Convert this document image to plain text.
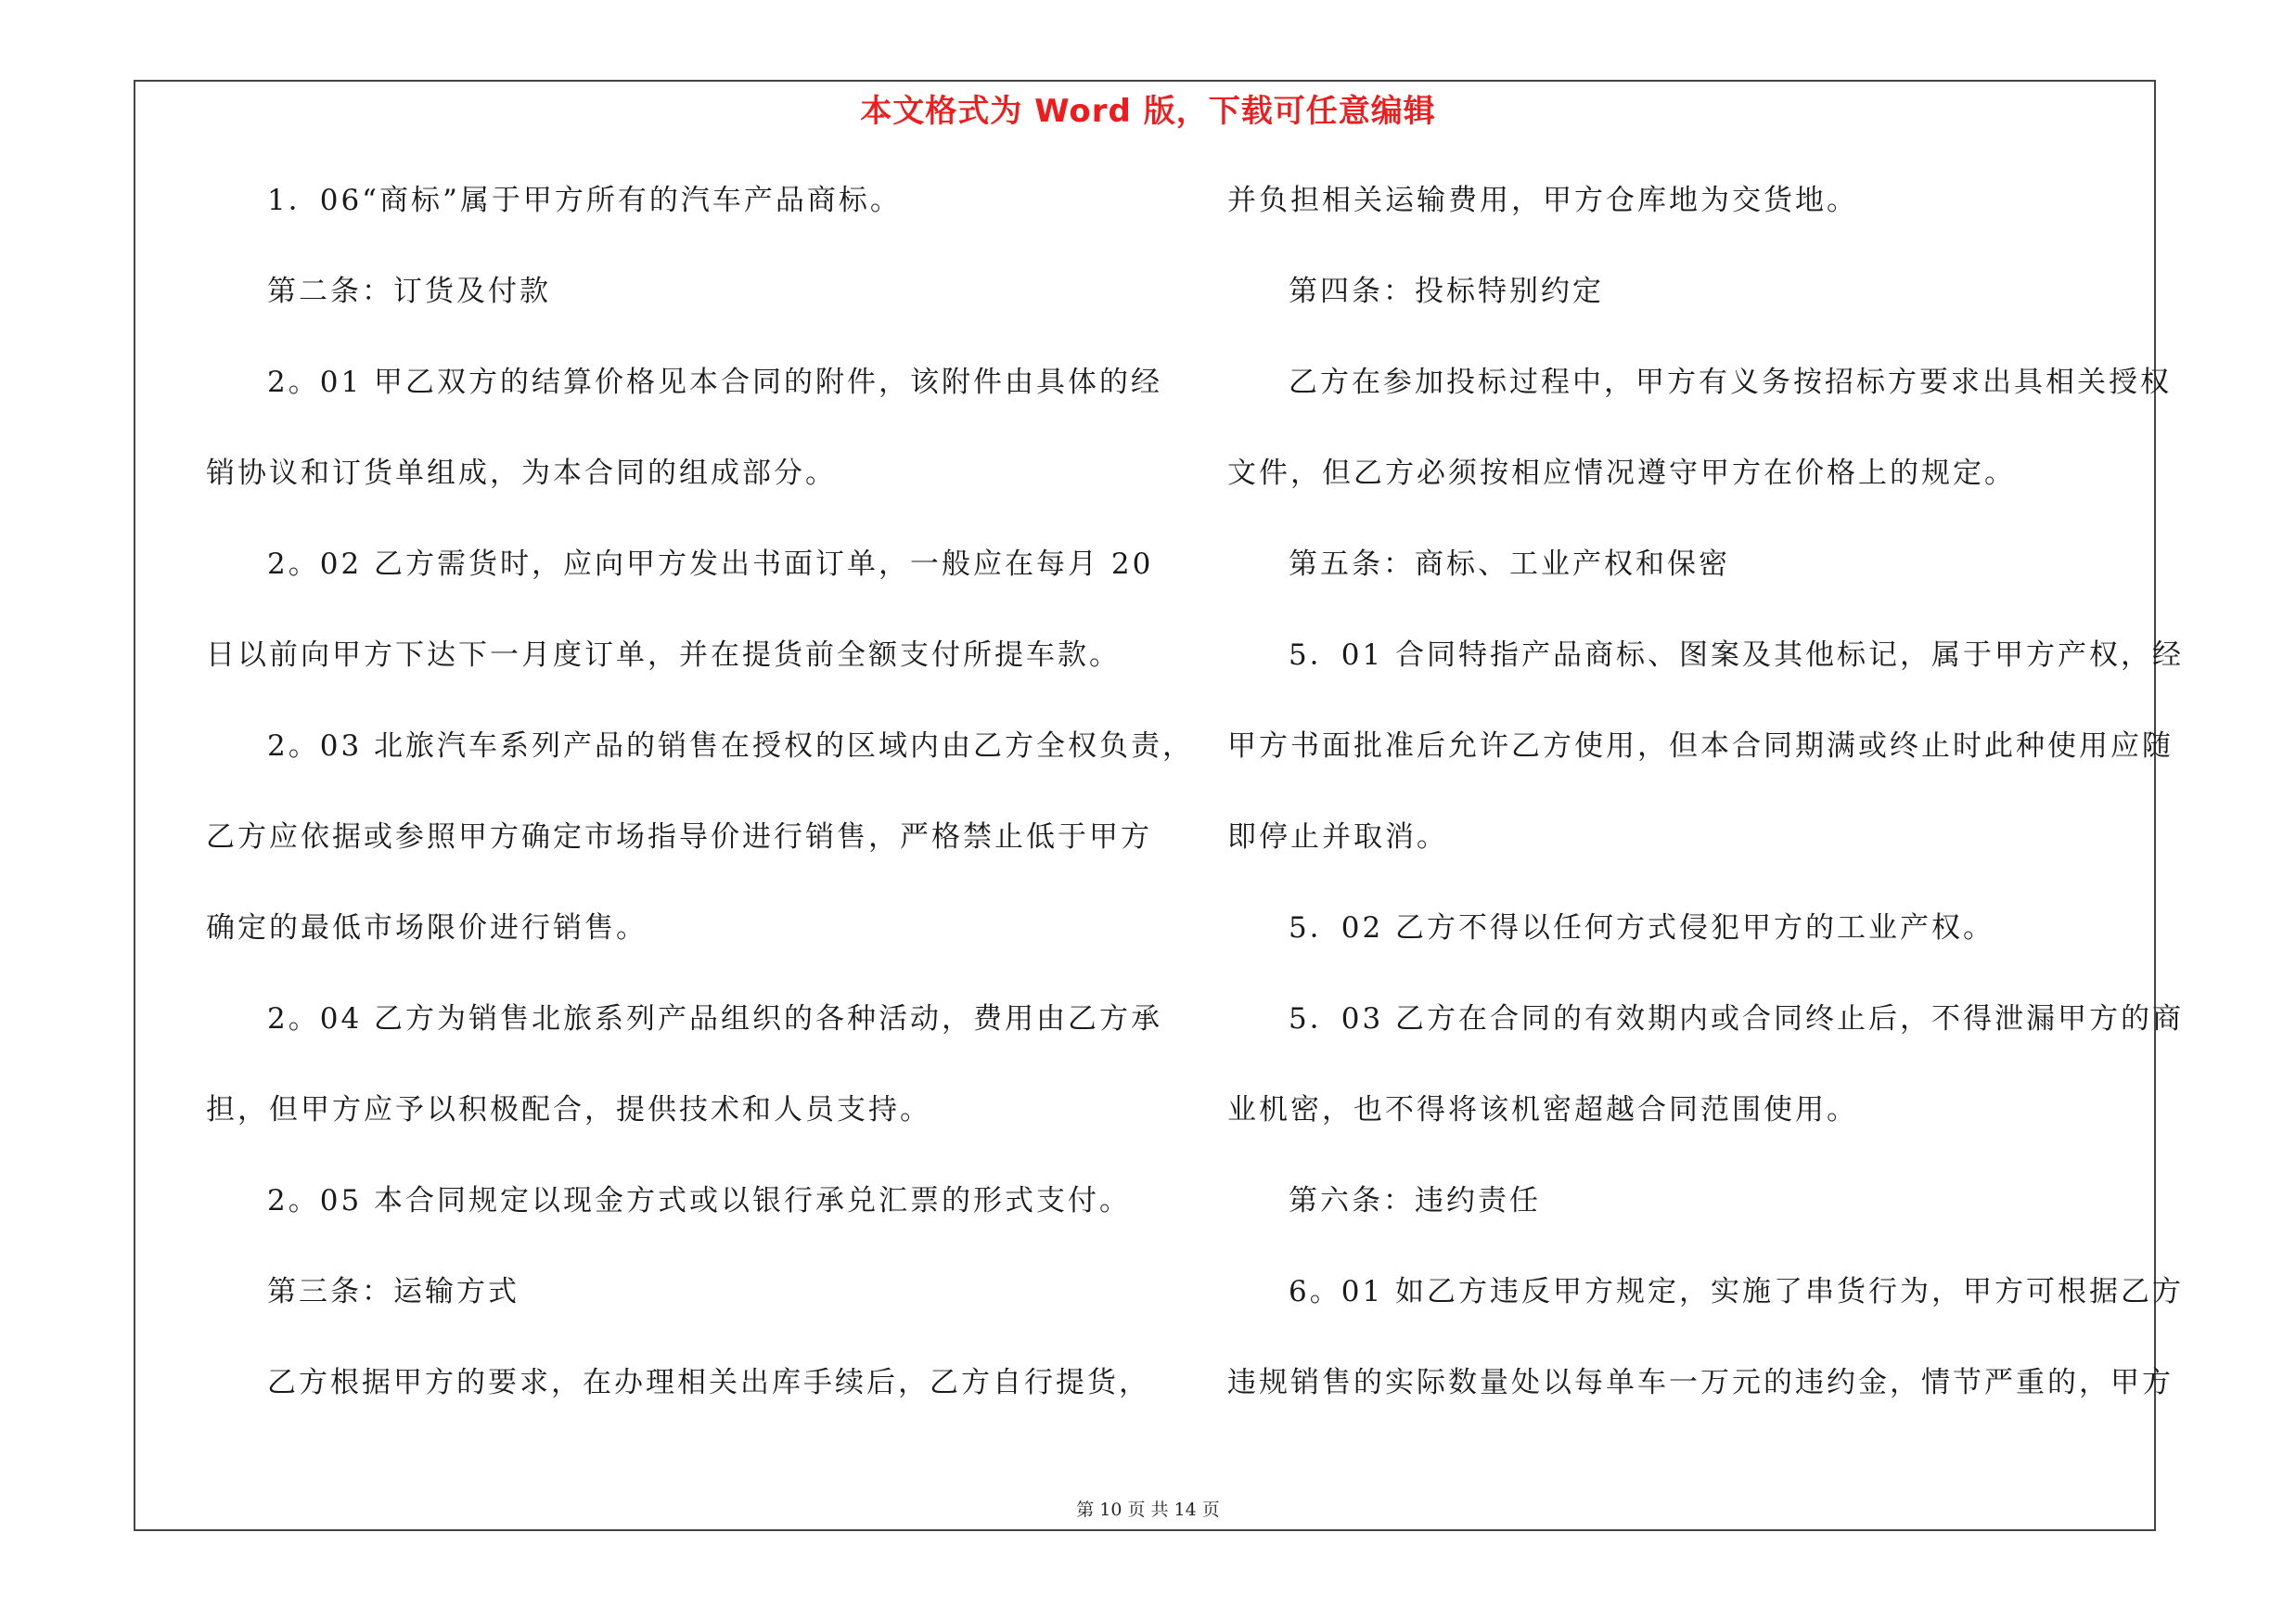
本文格式为 Word 版，下载可任意编辑
1．06“商标”属于甲方所有的汽车产品商标。
第二条：订货及付款
2。01 甲乙双方的结算价格见本合同的附件，该附件由具体的经
销协议和订货单组成，为本合同的组成部分。
2。02 乙方需货时，应向甲方发出书面订单，一般应在每月 20
日以前向甲方下达下一月度订单，并在提货前全额支付所提车款。
2。03 北旅汽车系列产品的销售在授权的区域内由乙方全权负责，
乙方应依据或参照甲方确定市场指导价进行销售，严格禁止低于甲方
确定的最低市场限价进行销售。
2。04 乙方为销售北旅系列产品组织的各种活动，费用由乙方承
担，但甲方应予以积极配合，提供技术和人员支持。
2。05 本合同规定以现金方式或以银行承兑汇票的形式支付。
第三条：运输方式
乙方根据甲方的要求，在办理相关出库手续后，乙方自行提货，
并负担相关运输费用，甲方仓库地为交货地。
第四条：投标特别约定
乙方在参加投标过程中，甲方有义务按招标方要求出具相关授权
文件，但乙方必须按相应情况遵守甲方在价格上的规定。
第五条：商标、工业产权和保密
5．01 合同特指产品商标、图案及其他标记，属于甲方产权，经
甲方书面批准后允许乙方使用，但本合同期满或终止时此种使用应随
即停止并取消。
5．02 乙方不得以任何方式侵犯甲方的工业产权。
5．03 乙方在合同的有效期内或合同终止后，不得泄漏甲方的商
业机密，也不得将该机密超越合同范围使用。
第六条：违约责任
6。01 如乙方违反甲方规定，实施了串货行为，甲方可根据乙方
违规销售的实际数量处以每单车一万元的违约金，情节严重的，甲方
第 10 页 共 14 页
